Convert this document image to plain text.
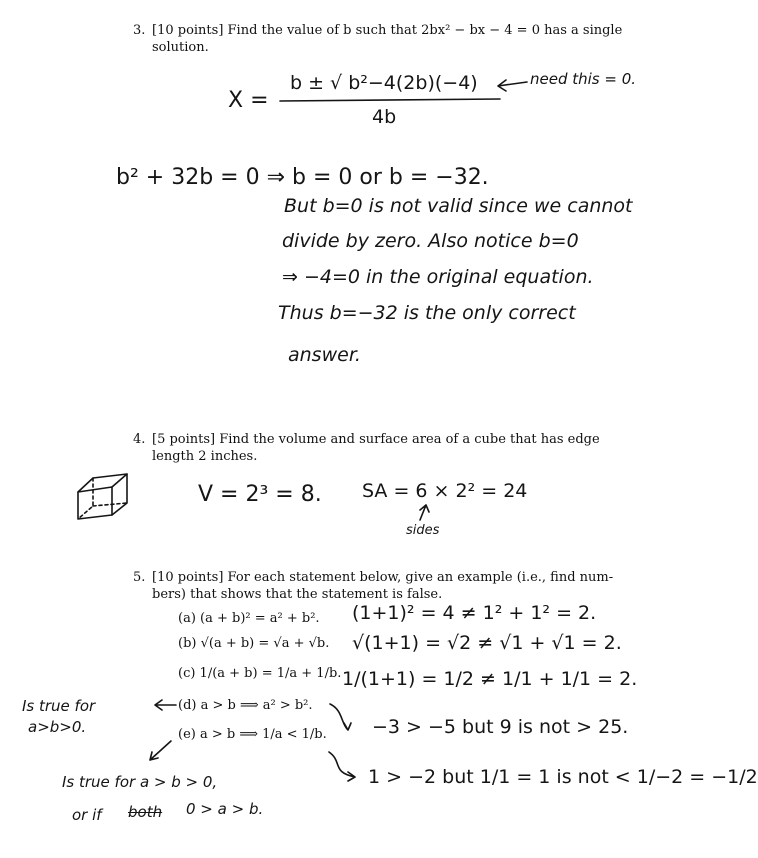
3. [10 points] Find the value of b such that 2bx² − bx − 4 = 0 has a single
solution.
X =
b ± √ b²−4(2b)(−4)
4b
need this = 0.
b² + 32b = 0 ⇒ b = 0 or b = −32.
But b=0 is not valid since we cannot
divide by zero. Also notice b=0
⇒ −4=0 in the original equation.
Thus b=−32 is the only correct
answer.
4. [5 points] Find the volume and surface area of a cube that has edge
length 2 inches.
V = 2³ = 8. SA = 6 × 2² = 24
sides
5. [10 points] For each statement below, give an example (i.e., find num-
bers) that shows that the statement is false.
(a) (a + b)² = a² + b². (1+1)² = 4 ≠ 1² + 1² = 2.
(b) √(a + b) = √a + √b. √(1+1) = √2 ≠ √1 + √1 = 2.
(c) 1/(a + b) = 1/a + 1/b. 1/(1+1) = 1/2 ≠ 1/1 + 1/1 = 2.
(d) a > b ⟹ a² > b².
−3 > −5 but 9 is not > 25.
Is true for
a>b>0.	(e) a > b ⟹ 1/a < 1/b.
1 > −2 but 1/1 = 1 is not < 1/−2 = −1/2
Is true for a > b > 0,
or if both 0 > a > b.
